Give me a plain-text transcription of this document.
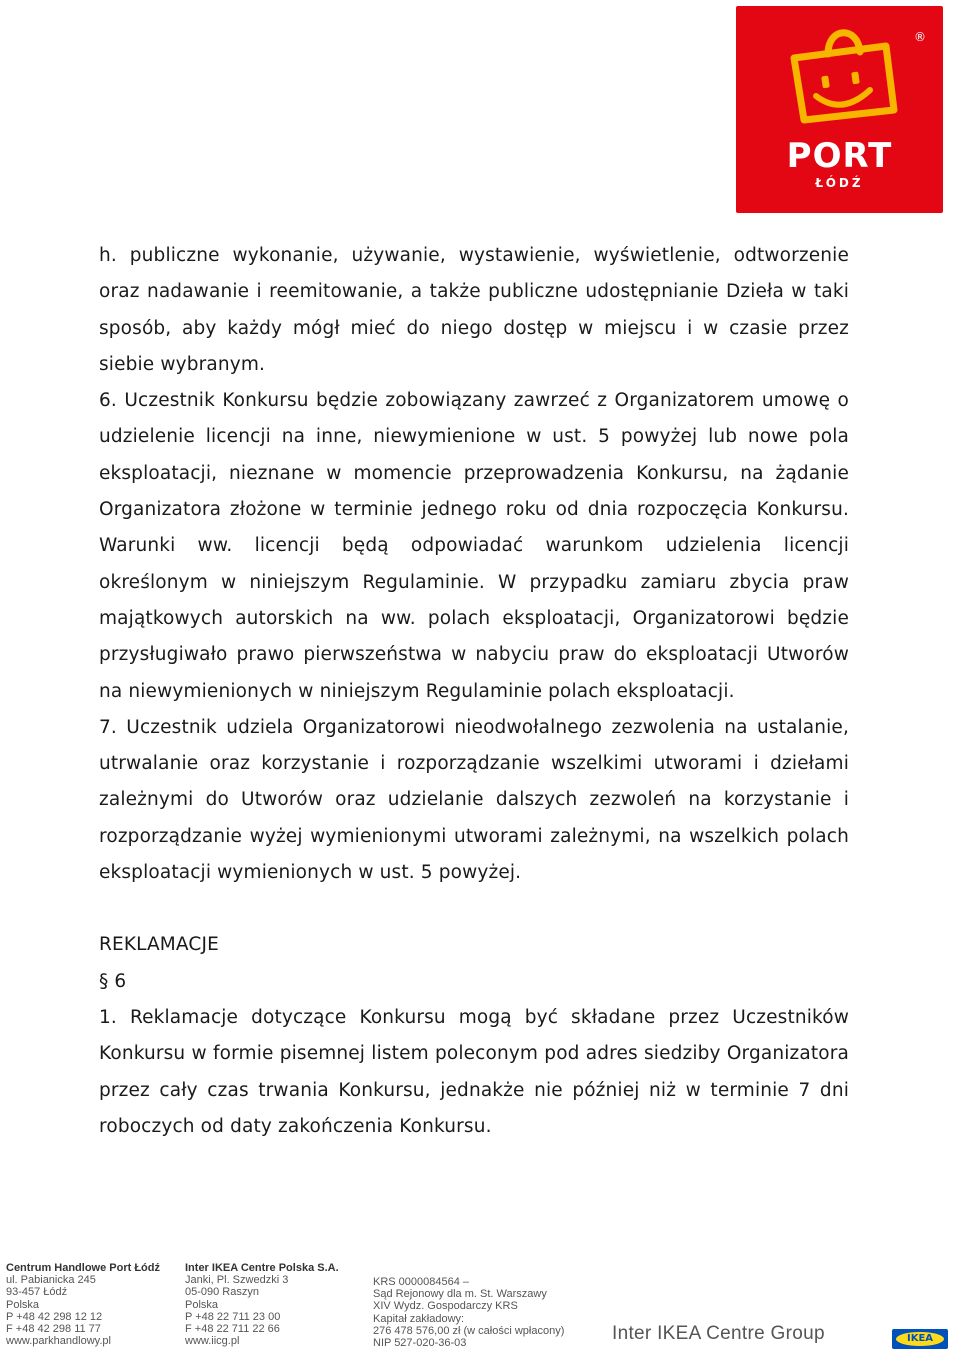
®
PORT
ŁÓDŹ

h. publiczne wykonanie, używanie, wystawienie, wyświetlenie, odtworzenie oraz nadawanie i reemitowanie, a także publiczne udostępnianie Dzieła w taki sposób, aby każdy mógł mieć do niego dostęp w miejscu i w czasie przez siebie wybranym.

6. Uczestnik Konkursu będzie zobowiązany zawrzeć z Organizatorem umowę o udzielenie licencji na inne, niewymienione w ust. 5 powyżej lub nowe pola eksploatacji, nieznane w momencie przeprowadzenia Konkursu, na żądanie Organizatora złożone w terminie jednego roku od dnia rozpoczęcia Konkursu. Warunki ww. licencji będą odpowiadać warunkom udzielenia licencji określonym w niniejszym Regulaminie. W przypadku zamiaru zbycia praw majątkowych autorskich na ww. polach eksploatacji, Organizatorowi będzie przysługiwało prawo pierwszeństwa w nabyciu praw do eksploatacji Utworów na niewymienionych w niniejszym Regulaminie polach eksploatacji.

7. Uczestnik udziela Organizatorowi nieodwołalnego zezwolenia na ustalanie, utrwalanie oraz korzystanie i rozporządzanie wszelkimi utworami i dziełami zależnymi do Utworów oraz udzielanie dalszych zezwoleń na korzystanie i rozporządzanie wyżej wymienionymi utworami zależnymi, na wszelkich polach eksploatacji wymienionych w ust. 5 powyżej.

REKLAMACJE

§ 6

1. Reklamacje dotyczące Konkursu mogą być składane przez Uczestników Konkursu w formie pisemnej listem poleconym pod adres siedziby Organizatora przez cały czas trwania Konkursu, jednakże nie później niż w terminie 7 dni roboczych od daty zakończenia Konkursu.

Centrum Handlowe Port Łódź
ul. Pabianicka 245
93-457 Łódź
Polska
P +48 42 298 12 12
F +48 42 298 11 77
www.parkhandlowy.pl
Inter IKEA Centre Polska S.A.
Janki, Pl. Szwedzki 3
05-090 Raszyn
Polska
P +48 22 711 23 00
F +48 22 711 22 66
www.iicg.pl
KRS 0000084564 –
Sąd Rejonowy dla m. St. Warszawy
XIV Wydz. Gospodarczy KRS
Kapitał zakładowy:
276 478 576,00 zł (w całości wpłacony)
NIP 527-020-36-03	Inter IKEA Centre Group	IKEA
